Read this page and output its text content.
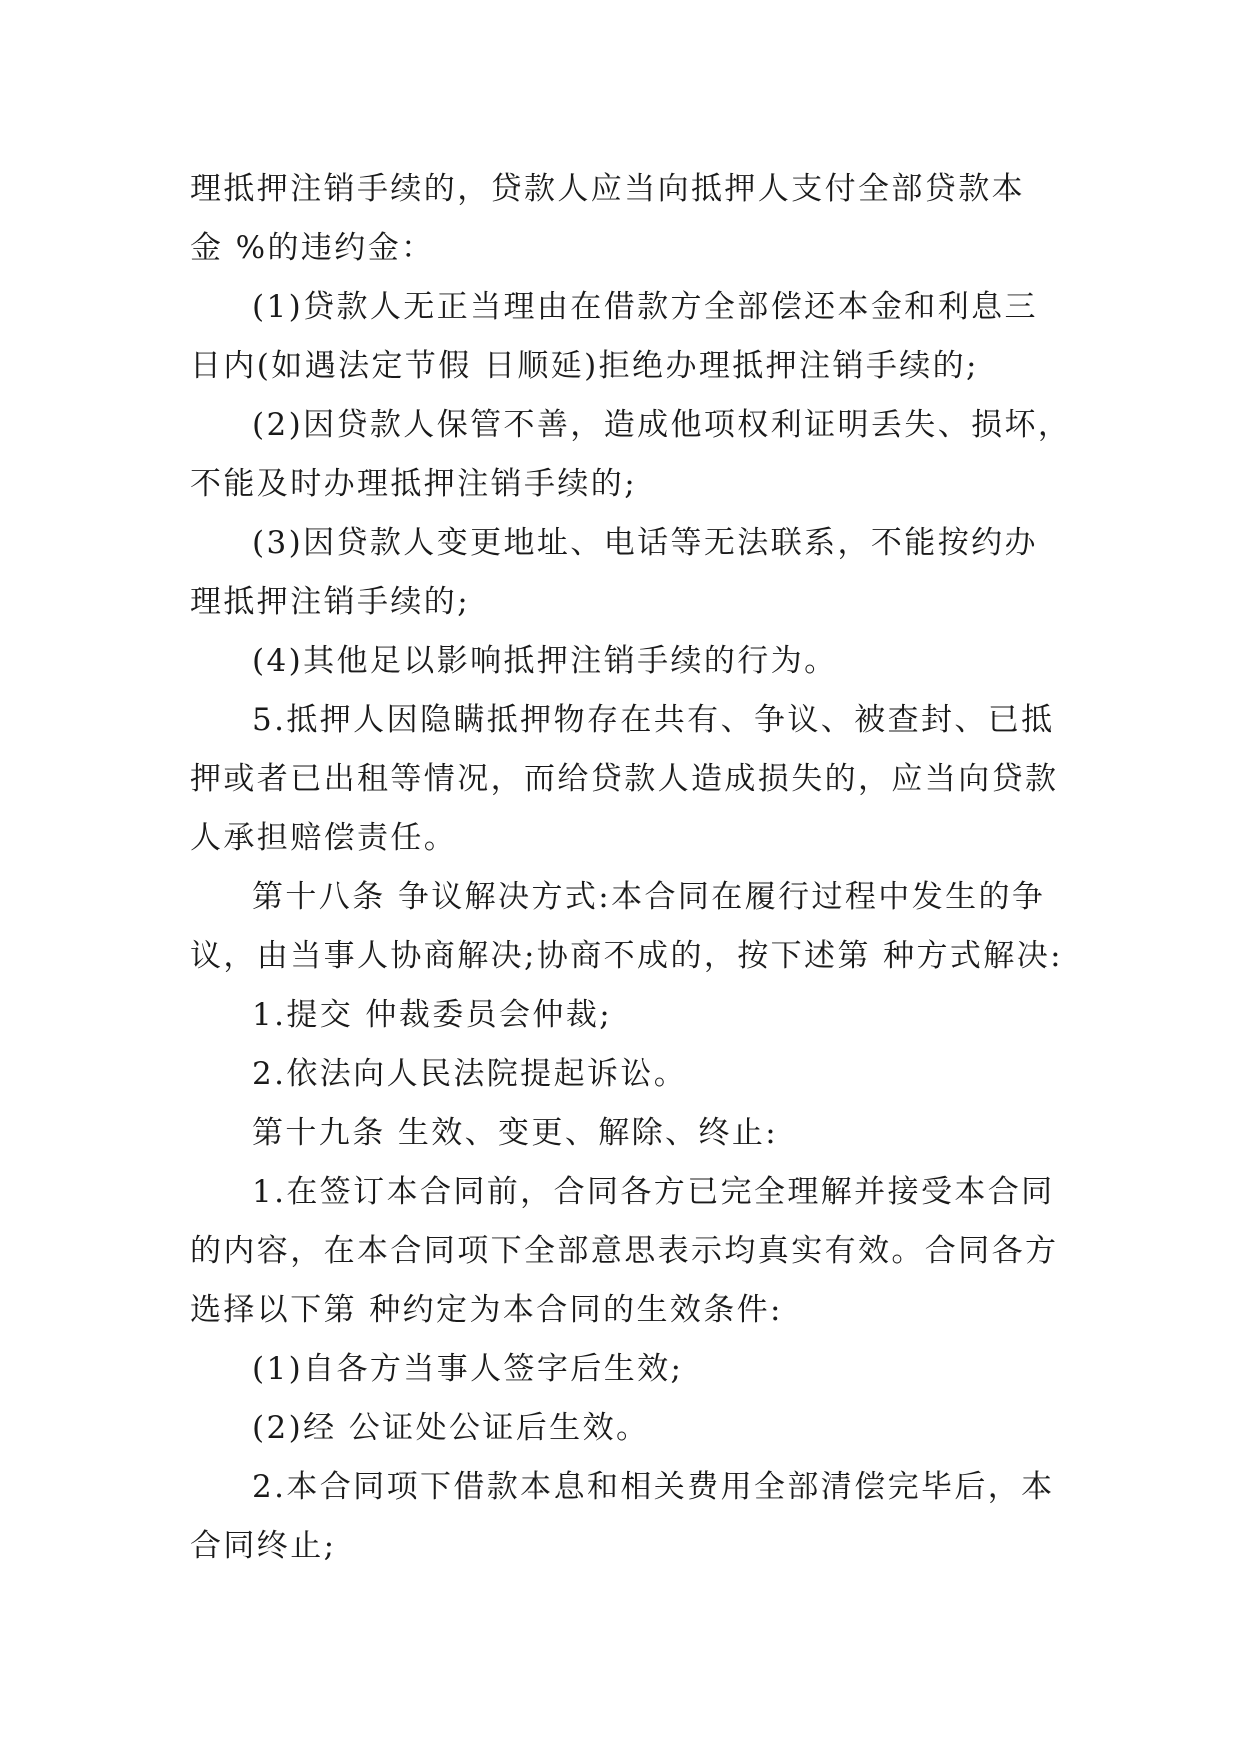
理抵押注销手续的，贷款人应当向抵押人支付全部贷款本
金 %的违约金：
(1)贷款人无正当理由在借款方全部偿还本金和利息三
日内(如遇法定节假 日顺延)拒绝办理抵押注销手续的;
(2)因贷款人保管不善，造成他项权利证明丢失、损坏，
不能及时办理抵押注销手续的;
(3)因贷款人变更地址、电话等无法联系，不能按约办
理抵押注销手续的;
(4)其他足以影响抵押注销手续的行为。
5.抵押人因隐瞒抵押物存在共有、争议、被查封、已抵
押或者已出租等情况，而给贷款人造成损失的，应当向贷款
人承担赔偿责任。
第十八条 争议解决方式:本合同在履行过程中发生的争
议，由当事人协商解决;协商不成的，按下述第 种方式解决:
1.提交 仲裁委员会仲裁;
2.依法向人民法院提起诉讼。
第十九条 生效、变更、解除、终止:
1.在签订本合同前，合同各方已完全理解并接受本合同
的内容，在本合同项下全部意思表示均真实有效。合同各方
选择以下第 种约定为本合同的生效条件:
(1)自各方当事人签字后生效;
(2)经 公证处公证后生效。
2.本合同项下借款本息和相关费用全部清偿完毕后，本
合同终止;
